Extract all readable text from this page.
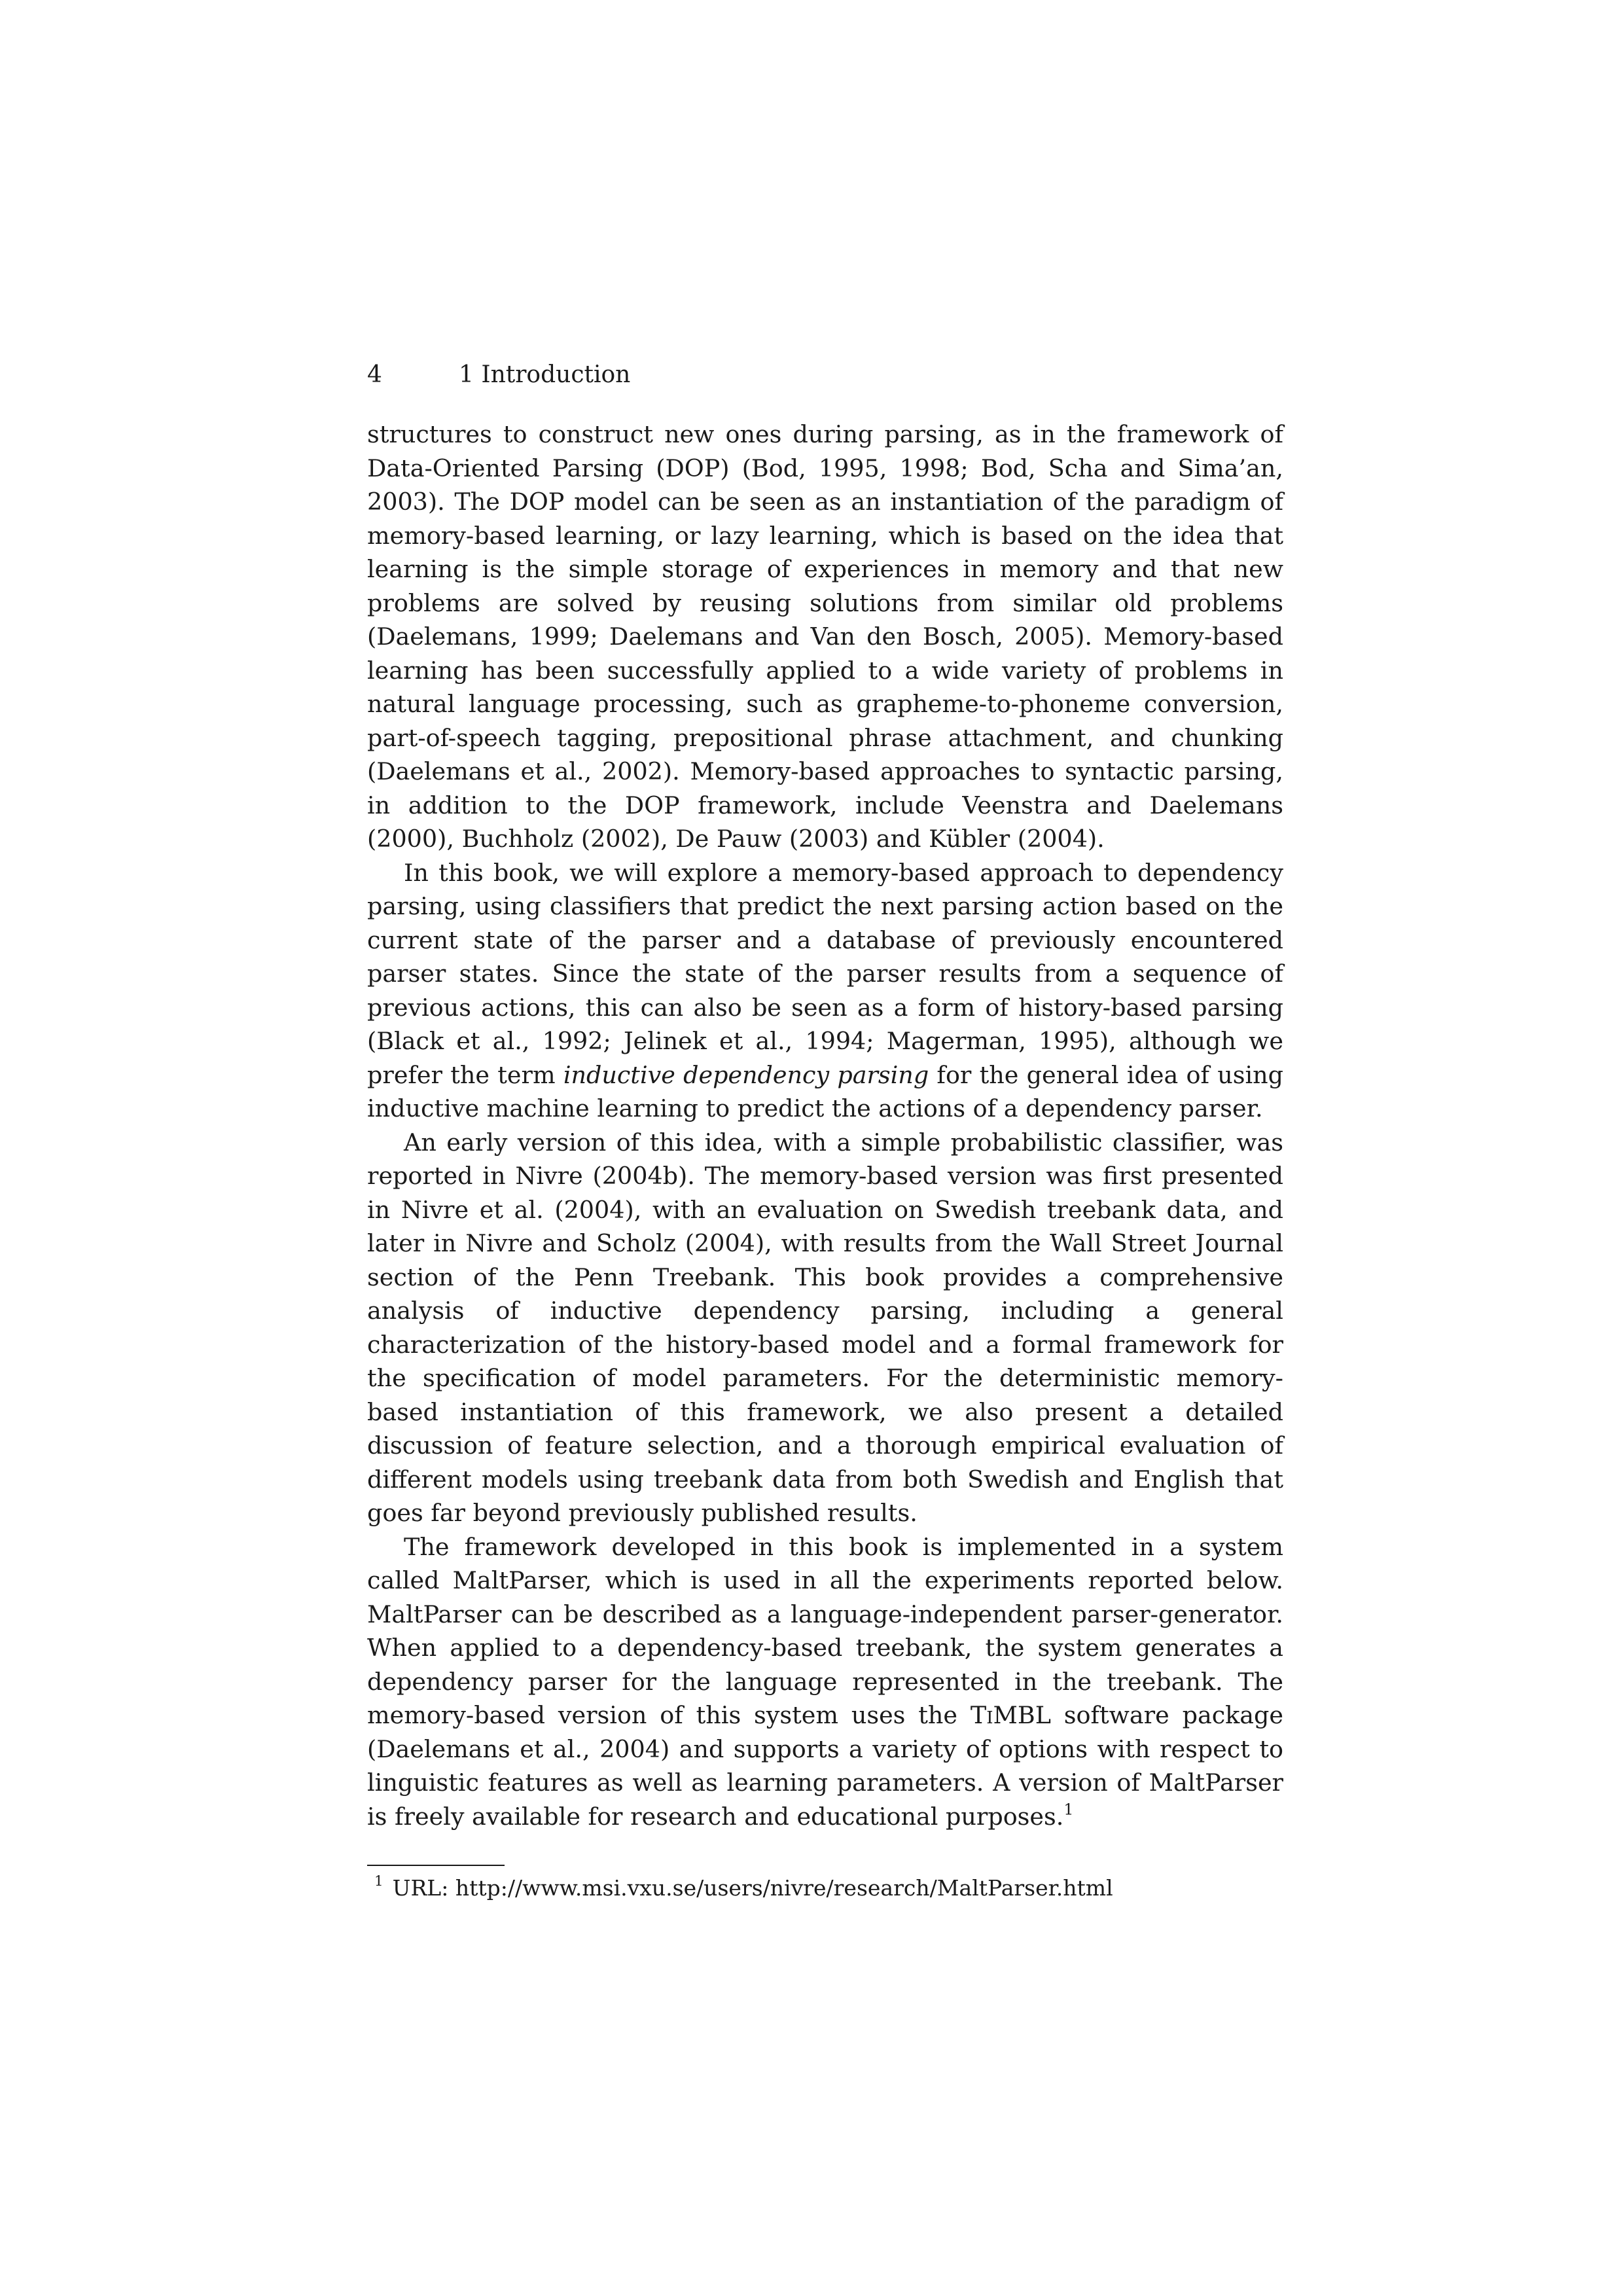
4	1 Introduction

structures to construct new ones during parsing, as in the framework of Data-Oriented Parsing (DOP) (Bod, 1995, 1998; Bod, Scha and Sima’an, 2003). The DOP model can be seen as an instantiation of the paradigm of memory-based learning, or lazy learning, which is based on the idea that learning is the simple storage of experiences in memory and that new problems are solved by reusing solutions from similar old problems (Daelemans, 1999; Daelemans and Van den Bosch, 2005). Memory-based learning has been successfully applied to a wide variety of problems in natural language processing, such as grapheme-to-phoneme conversion, part-of-speech tagging, prepositional phrase attachment, and chunking (Daelemans et al., 2002). Memory-based approaches to syntactic parsing, in addition to the DOP framework, include Veenstra and Daelemans (2000), Buchholz (2002), De Pauw (2003) and Kübler (2004).

In this book, we will explore a memory-based approach to dependency parsing, using classifiers that predict the next parsing action based on the current state of the parser and a database of previously encountered parser states. Since the state of the parser results from a sequence of previous actions, this can also be seen as a form of history-based parsing (Black et al., 1992; Jelinek et al., 1994; Magerman, 1995), although we prefer the term inductive dependency parsing for the general idea of using inductive machine learning to predict the actions of a dependency parser.

An early version of this idea, with a simple probabilistic classifier, was reported in Nivre (2004b). The memory-based version was first presented in Nivre et al. (2004), with an evaluation on Swedish treebank data, and later in Nivre and Scholz (2004), with results from the Wall Street Journal section of the Penn Treebank. This book provides a comprehensive analysis of inductive dependency parsing, including a general characterization of the history-based model and a formal framework for the specification of model parameters. For the deterministic memory-based instantiation of this framework, we also present a detailed discussion of feature selection, and a thorough empirical evaluation of different models using treebank data from both Swedish and English that goes far beyond previously published results.

The framework developed in this book is implemented in a system called MaltParser, which is used in all the experiments reported below. MaltParser can be described as a language-independent parser-generator. When applied to a dependency-based treebank, the system generates a dependency parser for the language represented in the treebank. The memory-based version of this system uses the TiMBL software package (Daelemans et al., 2004) and supports a variety of options with respect to linguistic features as well as learning parameters. A version of MaltParser is freely available for research and educational purposes.$^1$

$^1$ URL: http://www.msi.vxu.se/users/nivre/research/MaltParser.html
